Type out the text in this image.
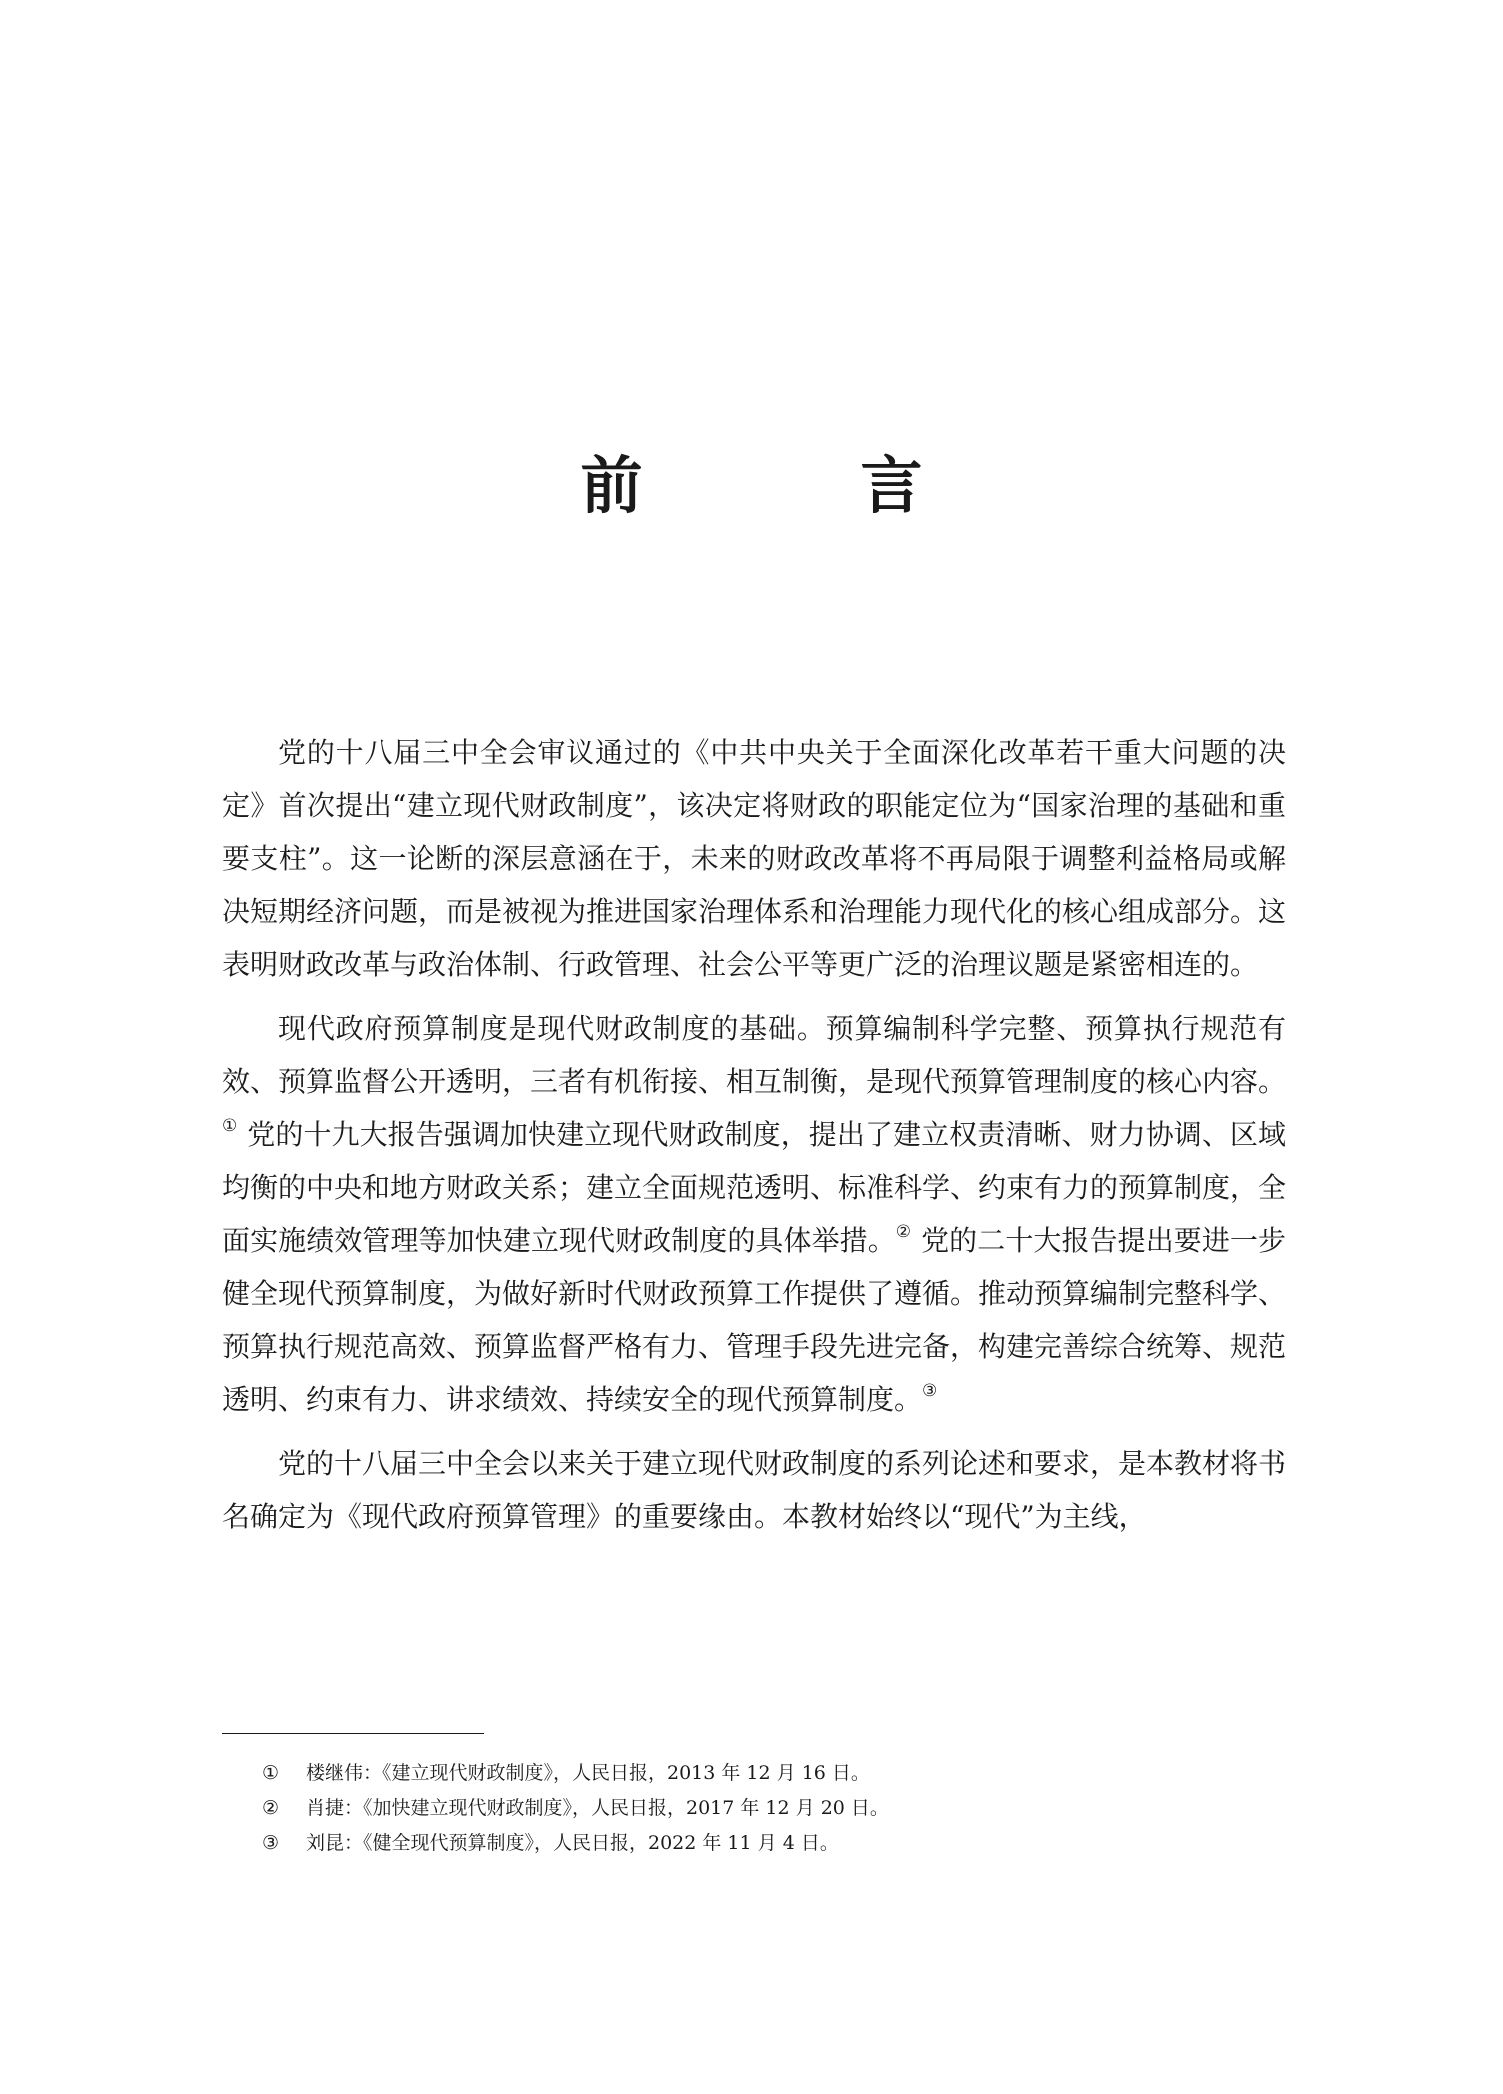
前　言

党的十八届三中全会审议通过的《中共中央关于全面深化改革若干重大问题的决定》首次提出“建立现代财政制度”，该决定将财政的职能定位为“国家治理的基础和重要支柱”。这一论断的深层意涵在于，未来的财政改革将不再局限于调整利益格局或解决短期经济问题，而是被视为推进国家治理体系和治理能力现代化的核心组成部分。这表明财政改革与政治体制、行政管理、社会公平等更广泛的治理议题是紧密相连的。

现代政府预算制度是现代财政制度的基础。预算编制科学完整、预算执行规范有效、预算监督公开透明，三者有机衔接、相互制衡，是现代预算管理制度的核心内容。① 党的十九大报告强调加快建立现代财政制度，提出了建立权责清晰、财力协调、区域均衡的中央和地方财政关系；建立全面规范透明、标准科学、约束有力的预算制度，全面实施绩效管理等加快建立现代财政制度的具体举措。② 党的二十大报告提出要进一步健全现代预算制度，为做好新时代财政预算工作提供了遵循。推动预算编制完整科学、预算执行规范高效、预算监督严格有力、管理手段先进完备，构建完善综合统筹、规范透明、约束有力、讲求绩效、持续安全的现代预算制度。③

党的十八届三中全会以来关于建立现代财政制度的系列论述和要求，是本教材将书名确定为《现代政府预算管理》的重要缘由。本教材始终以“现代”为主线，

① 楼继伟：《建立现代财政制度》，人民日报，2013 年 12 月 16 日。
② 肖捷：《加快建立现代财政制度》，人民日报，2017 年 12 月 20 日。
③ 刘昆：《健全现代预算制度》，人民日报，2022 年 11 月 4 日。
